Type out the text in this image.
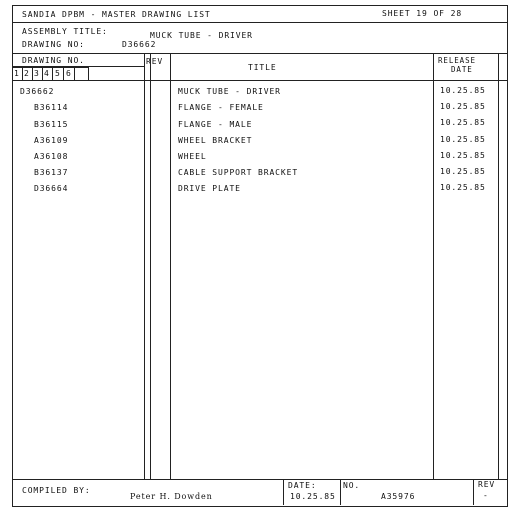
SANDIA DPBM - MASTER DRAWING LIST	SHEET 19 OF 28
ASSEMBLY TITLE:	MUCK TUBE - DRIVER
DRAWING NO:	D36662
DRAWING NO.
1 2 3 4 5 6
REV
TITLE
RELEASE
DATE
D36662	MUCK TUBE - DRIVER	10.25.85
B36114	FLANGE - FEMALE	10.25.85
B36115	FLANGE - MALE	10.25.85
A36109	WHEEL BRACKET	10.25.85
A36108	WHEEL	10.25.85
B36137	CABLE SUPPORT BRACKET	10.25.85
D36664	DRIVE PLATE	10.25.85
COMPILED BY:
Peter H. Dowden
DATE:
10.25.85
NO.
A35976
REV
-
